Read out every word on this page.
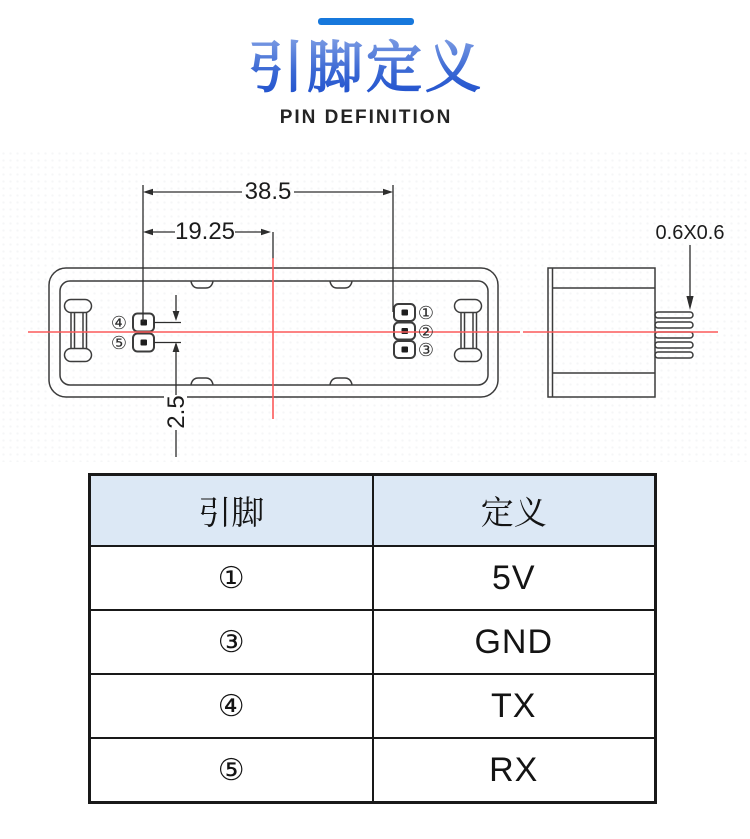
引脚定义
PIN DEFINITION
38.5
19.25
2.5
0.6X0.6
④
⑤
①
②
③
引脚	定义
①	5V
③	GND
④	TX
⑤	RX
